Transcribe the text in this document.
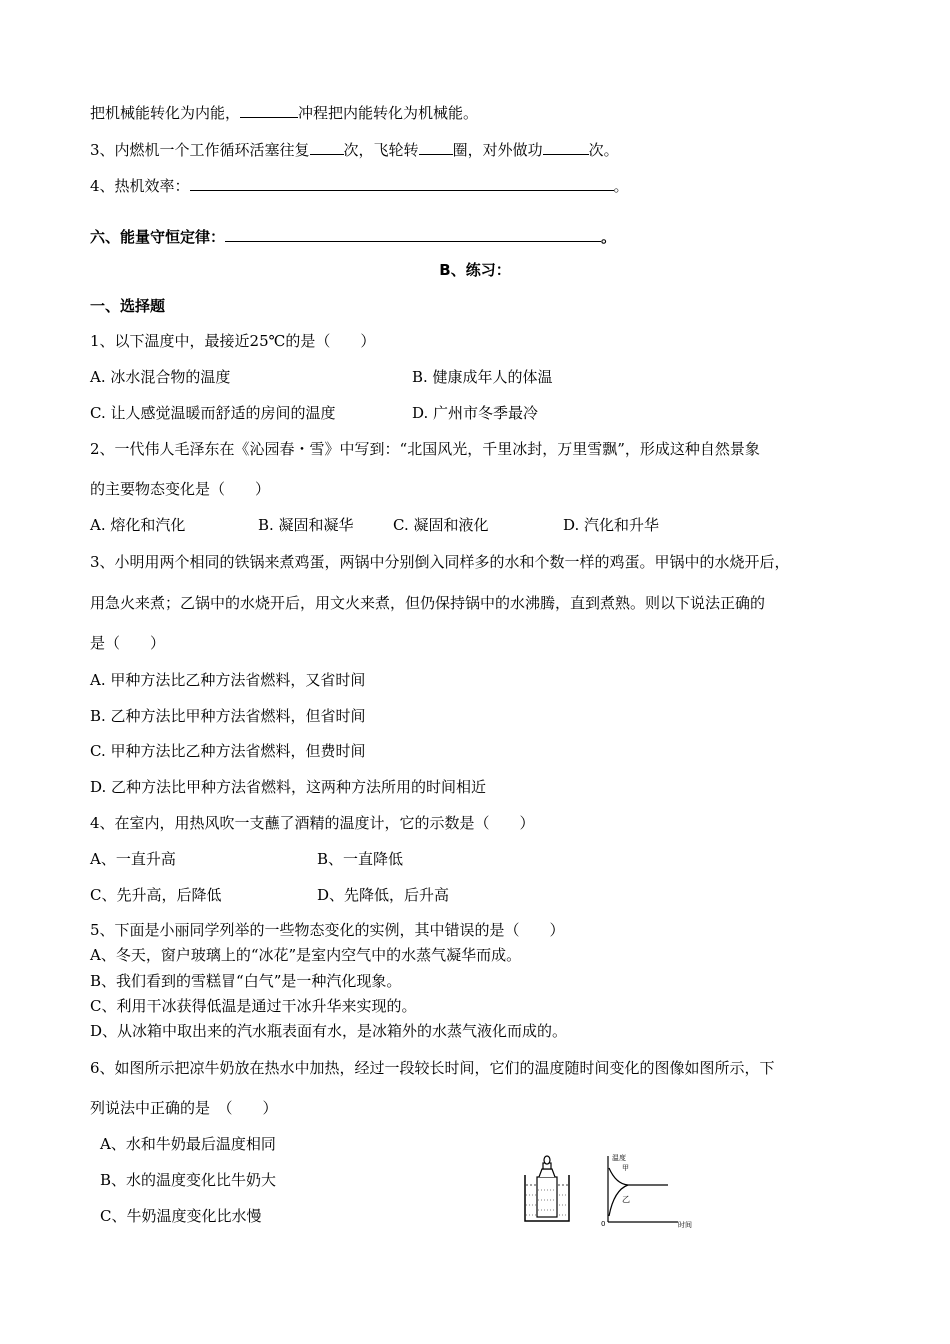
把机械能转化为内能，	冲程把内能转化为机械能。
3、内燃机一个工作循环活塞往复 次，飞轮转 圈，对外做功	次。
4、热机效率：	。
六、能量守恒定律：	。
B、练习：
一、选择题
1、以下温度中，最接近25℃的是（　　）
A. 冰水混合物的温度	B. 健康成年人的体温
C. 让人感觉温暖而舒适的房间的温度	D. 广州市冬季最冷
2、一代伟人毛泽东在《沁园春・雪》中写到：“北国风光，千里冰封，万里雪飘”，形成这种自然景象
的主要物态变化是（　　）
A. 熔化和汽化	B. 凝固和凝华	C. 凝固和液化	D. 汽化和升华
3、小明用两个相同的铁锅来煮鸡蛋，两锅中分别倒入同样多的水和个数一样的鸡蛋。甲锅中的水烧开后，
用急火来煮；乙锅中的水烧开后，用文火来煮，但仍保持锅中的水沸腾，直到煮熟。则以下说法正确的
是（　　）
A. 甲种方法比乙种方法省燃料，又省时间
B. 乙种方法比甲种方法省燃料，但省时间
C. 甲种方法比乙种方法省燃料，但费时间
D. 乙种方法比甲种方法省燃料，这两种方法所用的时间相近
4、在室内，用热风吹一支蘸了酒精的温度计，它的示数是（　　）
A、一直升高	B、一直降低
C、先升高，后降低	D、先降低，后升高
5、下面是小丽同学列举的一些物态变化的实例，其中错误的是（　　）
A、冬天，窗户玻璃上的“冰花”是室内空气中的水蒸气凝华而成。
B、我们看到的雪糕冒“白气”是一种汽化现象。
C、利用干冰获得低温是通过干冰升华来实现的。
D、从冰箱中取出来的汽水瓶表面有水，是冰箱外的水蒸气液化而成的。
6、如图所示把凉牛奶放在热水中加热，经过一段较长时间，它们的温度随时间变化的图像如图所示，下
列说法中正确的是　（　　）
A、水和牛奶最后温度相同
B、水的温度变化比牛奶大
C、牛奶温度变化比水慢
温度
甲
乙
0	时间
